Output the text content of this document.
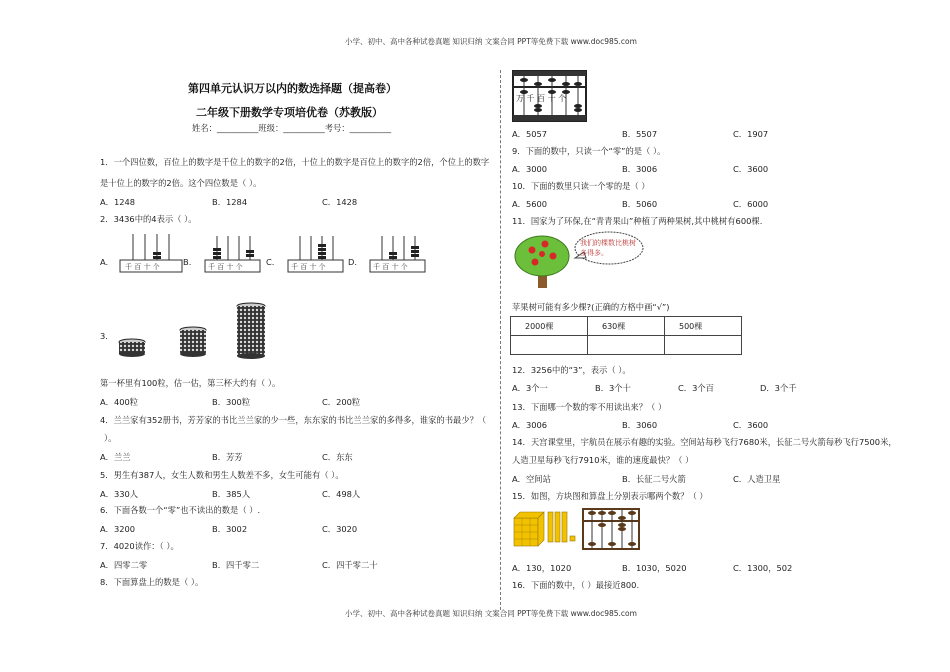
小学、初中、高中各种试卷真题 知识归纳 文案合同 PPT等免费下载 www.doc985.com
小学、初中、高中各种试卷真题 知识归纳 文案合同 PPT等免费下载 www.doc985.com
第四单元认识万以内的数选择题（提高卷）
二年级下册数学专项培优卷（苏教版）
姓名：__________班级：__________考号：__________
1．一个四位数，百位上的数字是千位上的数字的2倍，十位上的数字是百位上的数字的2倍，个位上的数字
是十位上的数字的2倍。这个四位数是（ ）。
A．1248	B．1284	C．1428
2．3436中的4表示（ ）。
A.	B.	C.	D.
千 百 十 个	千 百 十 个	千 百 十 个	千 百 十 个
3．
第一杯里有100粒，估一估，第三杯大约有（ ）。
A．400粒	B．300粒	C．200粒
4．兰兰家有352册书，芳芳家的书比兰兰家的少一些，东东家的书比兰兰家的多得多，谁家的书最少？（
）。
A．兰兰	B．芳芳	C．东东
5．男生有387人，女生人数和男生人数差不多，女生可能有（ ）。
A．330人	B．385人	C．498人
6．下面各数一个“零”也不读出的数是（ ）.
A．3200	B．3002	C．3020
7．4020读作：（ ）。
A．四零二零	B．四千零二	C．四千零二十
8．下面算盘上的数是（ ）。
万 千 百 十 个
A．5057	B．5507	C．1907
9．下面的数中，只读一个“零”的是（ ）。
A．3000	B．3006	C．3600
10．下面的数里只读一个零的是（ ）
A．5600	B．5060	C．6000
11．国家为了环保,在“青青果山”种植了两种果树,其中桃树有600棵.
我们的棵数比桃树多得多。
苹果树可能有多少棵?(正确的方格中画“√”)
2000棵	630棵	500棵

12．3256中的“3”，表示（ ）。
A．3个一	B．3个十	C．3个百	D．3个千
13．下面哪一个数的零不用读出来？（ ）
A．3006	B．3060	C．3600
14．天宫课堂里，宇航员在展示有趣的实验。空间站每秒飞行7680米，长征二号火箭每秒飞行7500米，
人造卫星每秒飞行7910米，谁的速度最快？（ ）
A．空间站	B．长征二号火箭	C．人造卫星
15．如图，方块图和算盘上分别表示哪两个数？（ ）
A．130，1020	B．1030，5020	C．1300，502
16．下面的数中，（ ）最接近800.
